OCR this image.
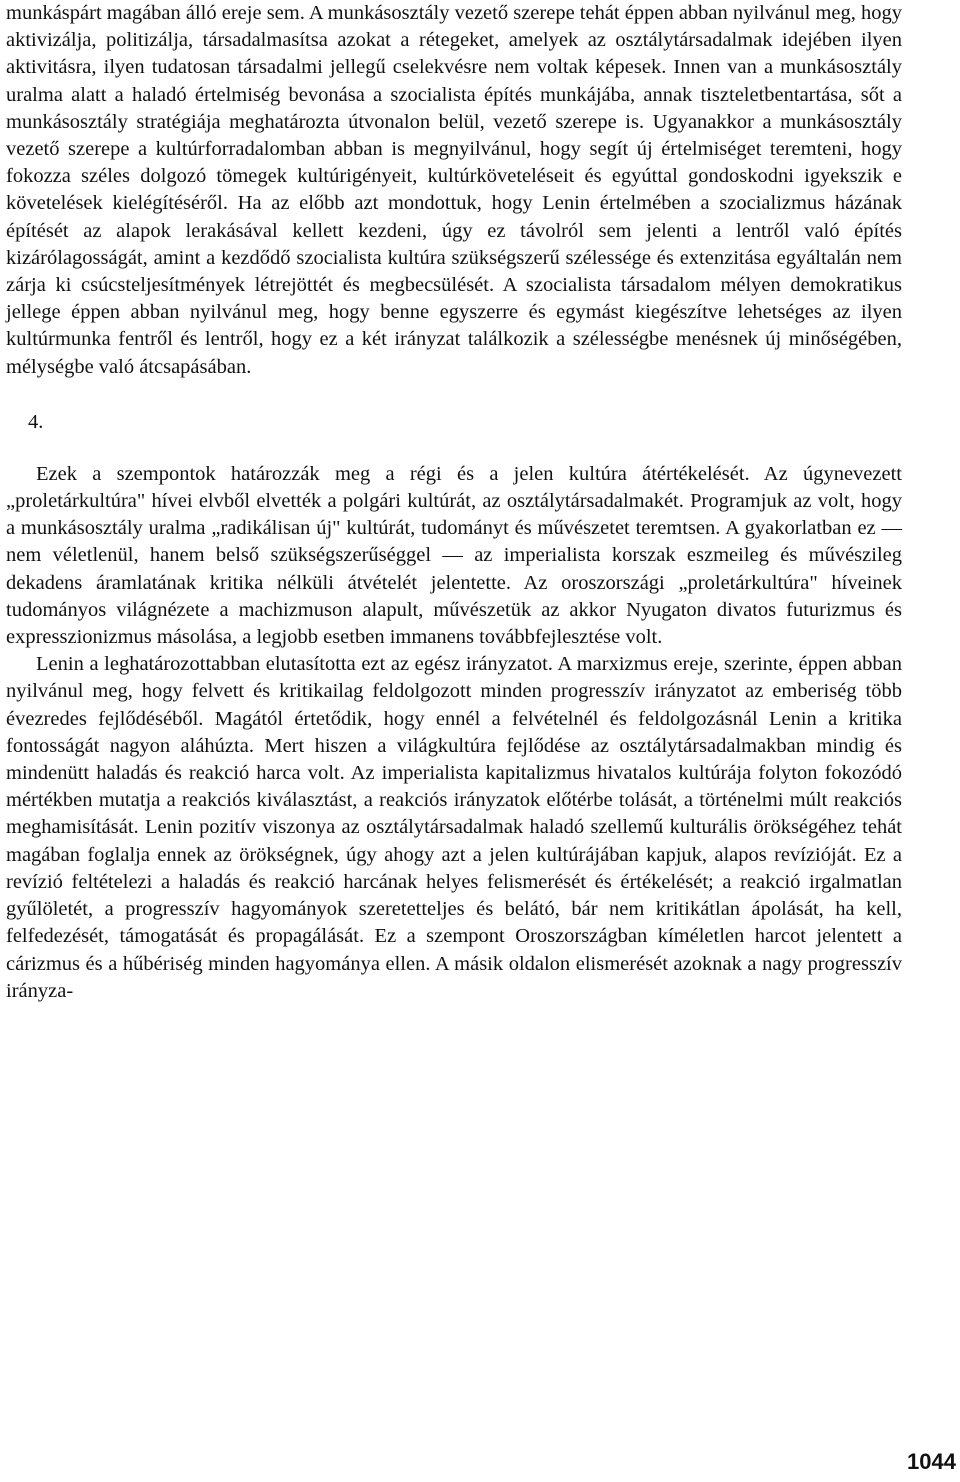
munkáspárt magában álló ereje sem. A munkásosztály vezető szerepe tehát éppen abban nyilvánul meg, hogy aktivizálja, politizálja, társadalmasítsa azokat a rétegeket, amelyek az osztálytársadalmak idejében ilyen aktivitásra, ilyen tudatosan társadalmi jellegű cselekvésre nem voltak képesek. Innen van a munkásosztály uralma alatt a haladó értelmiség bevonása a szocialista építés munkájába, annak tiszteletbentartása, sőt a munkásosztály stratégiája meghatározta útvonalon belül, vezető szerepe is. Ugyanakkor a munkásosztály vezető szerepe a kultúrforradalomban abban is megnyilvánul, hogy segít új értelmiséget teremteni, hogy fokozza széles dolgozó tömegek kultúrigényeit, kultúrköveteléseit és egyúttal gondoskodni igyekszik e követelések kielégítéséről. Ha az előbb azt mondottuk, hogy Lenin értelmében a szocializmus házának építését az alapok lerakásával kellett kezdeni, úgy ez távolról sem jelenti a lentről való építés kizárólagosságát, amint a kezdődő szocialista kultúra szükségszerű szélessége és extenzitása egyáltalán nem zárja ki csúcsteljesítmények létrejöttét és megbecsülését. A szocialista társadalom mélyen demokratikus jellege éppen abban nyilvánul meg, hogy benne egyszerre és egymást kiegészítve lehetséges az ilyen kultúrmunka fentről és lentről, hogy ez a két irányzat találkozik a szélességbe menésnek új minőségében, mélységbe való átcsapásában.

4.

Ezek a szempontok határozzák meg a régi és a jelen kultúra átértékelését. Az úgynevezett „proletárkultúra" hívei elvből elvették a polgári kultúrát, az osztálytársadalmakét. Programjuk az volt, hogy a munkásosztály uralma „radikálisan új" kultúrát, tudományt és művészetet teremtsen. A gyakorlatban ez — nem véletlenül, hanem belső szükségszerűséggel — az imperialista korszak eszmeileg és művészileg dekadens áramlatának kritika nélküli átvételét jelentette. Az oroszországi „proletárkultúra" híveinek tudományos világnézete a machizmuson alapult, művészetük az akkor Nyugaton divatos futurizmus és expresszionizmus másolása, a legjobb esetben immanens továbbfejlesztése volt.

Lenin a leghatározottabban elutasította ezt az egész irányzatot. A marxizmus ereje, szerinte, éppen abban nyilvánul meg, hogy felvett és kritikailag feldolgozott minden progresszív irányzatot az emberiség több évezredes fejlődéséből. Magától értetődik, hogy ennél a felvételnél és feldolgozásnál Lenin a kritika fontosságát nagyon aláhúzta. Mert hiszen a világkultúra fejlődése az osztálytársadalmakban mindig és mindenütt haladás és reakció harca volt. Az imperialista kapitalizmus hivatalos kultúrája folyton fokozódó mértékben mutatja a reakciós kiválasztást, a reakciós irányzatok előtérbe tolását, a történelmi múlt reakciós meghamisítását. Lenin pozitív viszonya az osztálytársadalmak haladó szellemű kulturális örökségéhez tehát magában foglalja ennek az örökségnek, úgy ahogy azt a jelen kultúrájában kapjuk, alapos revízióját. Ez a revízió feltételezi a haladás és reakció harcának helyes felismerését és értékelését; a reakció irgalmatlan gyűlöletét, a progresszív hagyományok szeretetteljes és belátó, bár nem kritikátlan ápolását, ha kell, felfedezését, támogatását és propagálását. Ez a szempont Oroszországban kíméletlen harcot jelentett a cárizmus és a hűbériség minden hagyománya ellen. A másik oldalon elismerését azoknak a nagy progresszív irányza-

1044
